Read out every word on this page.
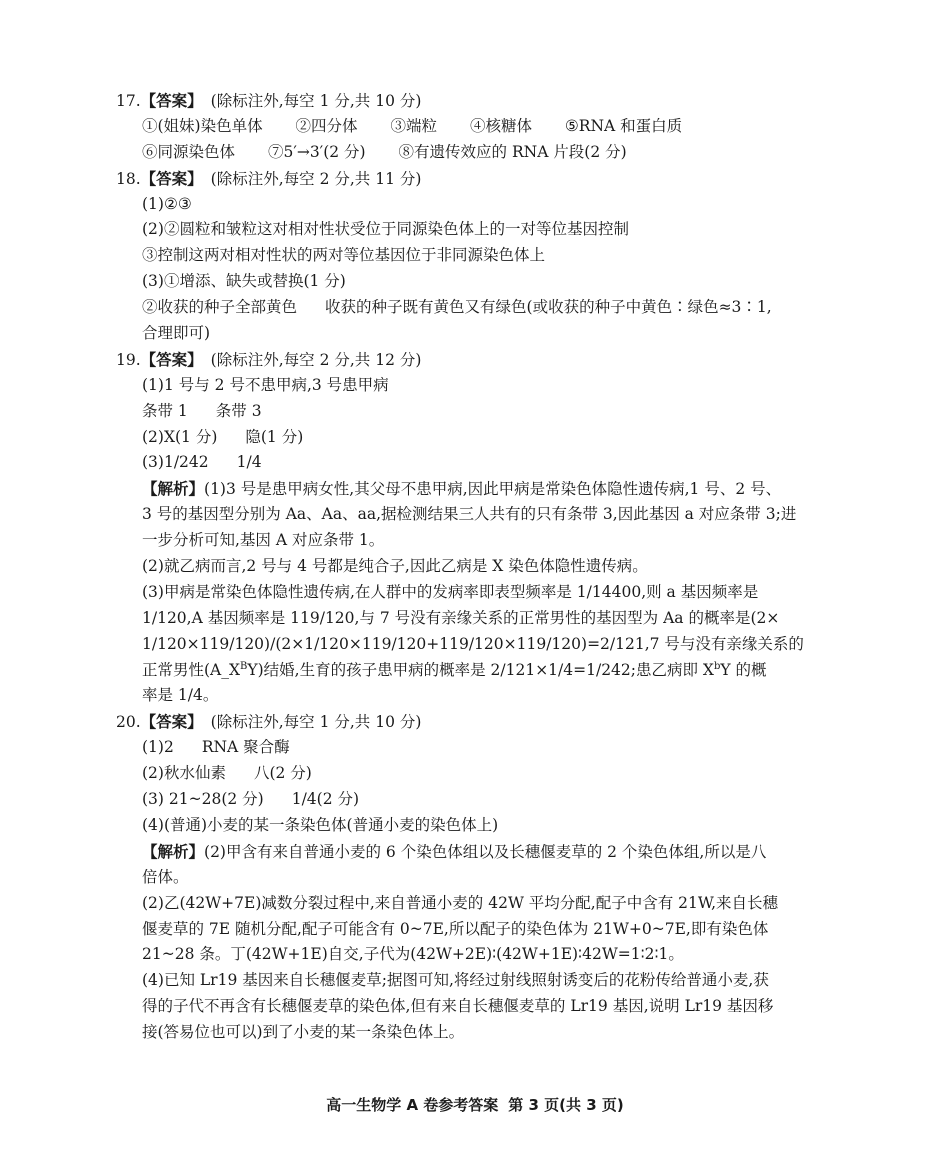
17.【答案】 (除标注外,每空 1 分,共 10 分)
①(姐妹)染色单体 ②四分体 ③端粒 ④核糖体 ⑤RNA 和蛋白质
⑥同源染色体 ⑦5′→3′(2 分) ⑧有遗传效应的 RNA 片段(2 分)
18.【答案】 (除标注外,每空 2 分,共 11 分)
(1)②③
(2)②圆粒和皱粒这对相对性状受位于同源染色体上的一对等位基因控制
③控制这两对相对性状的两对等位基因位于非同源染色体上
(3)①增添、缺失或替换(1 分)
②收获的种子全部黄色 收获的种子既有黄色又有绿色(或收获的种子中黄色∶绿色≈3∶1,
合理即可)
19.【答案】 (除标注外,每空 2 分,共 12 分)
(1)1 号与 2 号不患甲病,3 号患甲病
条带 1 条带 3
(2)X(1 分) 隐(1 分)
(3)1/242 1/4
【解析】(1)3 号是患甲病女性,其父母不患甲病,因此甲病是常染色体隐性遗传病,1 号、2 号、
3 号的基因型分别为 Aa、Aa、aa,据检测结果三人共有的只有条带 3,因此基因 a 对应条带 3;进
一步分析可知,基因 A 对应条带 1。
(2)就乙病而言,2 号与 4 号都是纯合子,因此乙病是 X 染色体隐性遗传病。
(3)甲病是常染色体隐性遗传病,在人群中的发病率即表型频率是 1/14400,则 a 基因频率是
1/120,A 基因频率是 119/120,与 7 号没有亲缘关系的正常男性的基因型为 Aa 的概率是(2×
1/120×119/120)/(2×1/120×119/120+119/120×119/120)=2/121,7 号与没有亲缘关系的
正常男性$(A\_X^BY)$结婚,生育的孩子患甲病的概率是 2/121×1/4=1/242;患乙病即 $X^bY$ 的概
率是 1/4。
20.【答案】 (除标注外,每空 1 分,共 10 分)
(1)2 RNA 聚合酶
(2)秋水仙素 八(2 分)
(3) 21~28(2 分) 1/4(2 分)
(4)(普通)小麦的某一条染色体(普通小麦的染色体上)
【解析】(2)甲含有来自普通小麦的 6 个染色体组以及长穗偃麦草的 2 个染色体组,所以是八
倍体。
(2)乙(42W+7E)减数分裂过程中,来自普通小麦的 42W 平均分配,配子中含有 21W,来自长穗
偃麦草的 7E 随机分配,配子可能含有 0~7E,所以配子的染色体为 21W+0~7E,即有染色体
21~28 条。丁(42W+1E)自交,子代为(42W+2E)∶(42W+1E)∶42W=1∶2∶1。
(4)已知 Lr19 基因来自长穗偃麦草;据图可知,将经过射线照射诱变后的花粉传给普通小麦,获
得的子代不再含有长穗偃麦草的染色体,但有来自长穗偃麦草的 Lr19 基因,说明 Lr19 基因移
接(答易位也可以)到了小麦的某一条染色体上。
高一生物学 A 卷参考答案 第 3 页(共 3 页)
